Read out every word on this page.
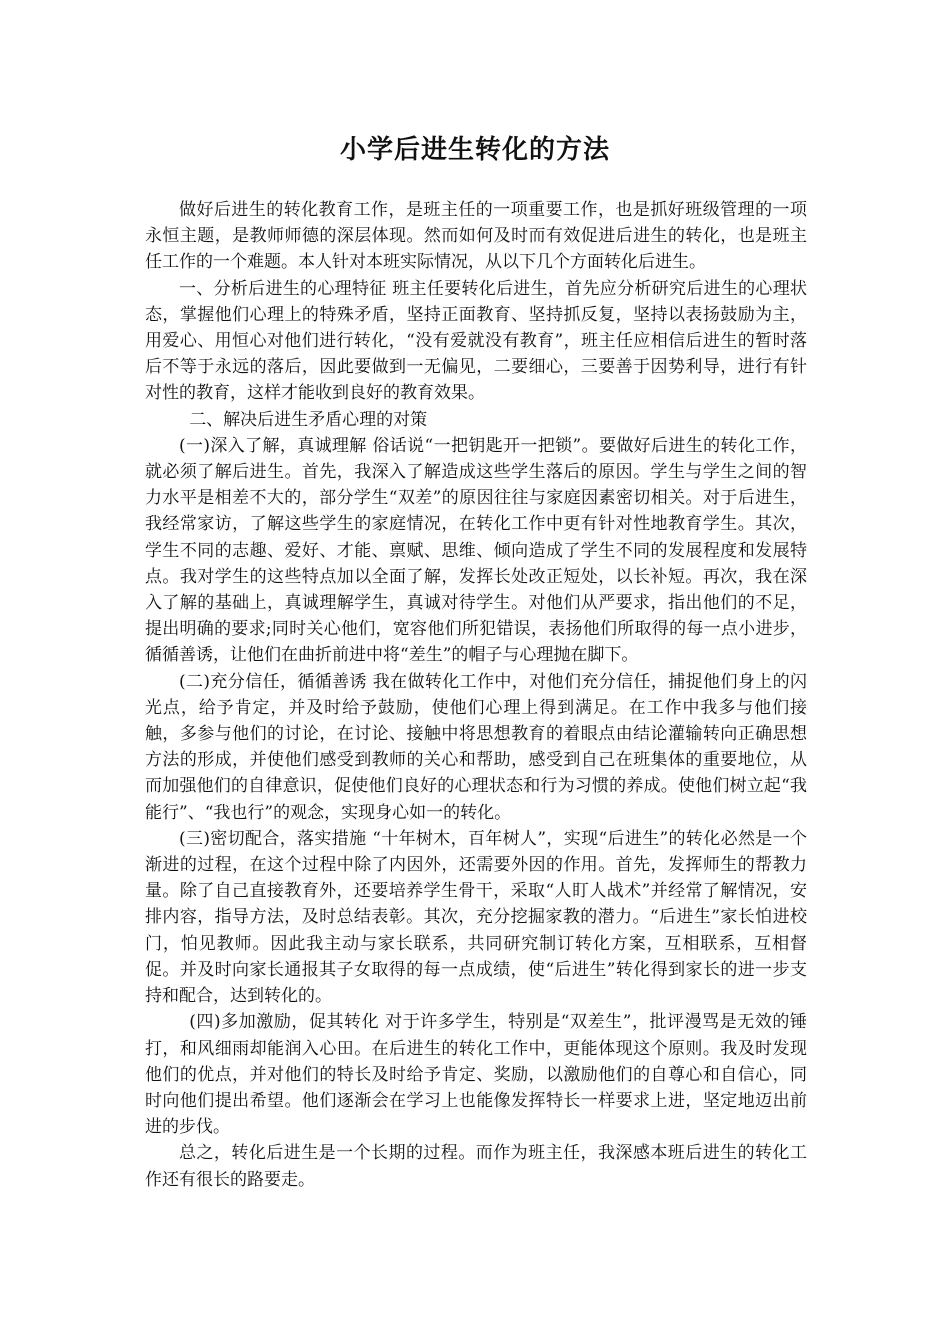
小学后进生转化的方法

做好后进生的转化教育工作，是班主任的一项重要工作，也是抓好班级管理的一项永恒主题，是教师师德的深层体现。然而如何及时而有效促进后进生的转化，也是班主任工作的一个难题。本人针对本班实际情况，从以下几个方面转化后进生。

一、分析后进生的心理特征 班主任要转化后进生，首先应分析研究后进生的心理状态，掌握他们心理上的特殊矛盾，坚持正面教育、坚持抓反复，坚持以表扬鼓励为主，用爱心、用恒心对他们进行转化，“没有爱就没有教育”，班主任应相信后进生的暂时落后不等于永远的落后，因此要做到一无偏见，二要细心，三要善于因势利导，进行有针对性的教育，这样才能收到良好的教育效果。

二、解决后进生矛盾心理的对策

(一)深入了解，真诚理解 俗话说“一把钥匙开一把锁”。要做好后进生的转化工作，就必须了解后进生。首先，我深入了解造成这些学生落后的原因。学生与学生之间的智力水平是相差不大的，部分学生“双差”的原因往往与家庭因素密切相关。对于后进生，我经常家访，了解这些学生的家庭情况，在转化工作中更有针对性地教育学生。其次，学生不同的志趣、爱好、才能、禀赋、思维、倾向造成了学生不同的发展程度和发展特点。我对学生的这些特点加以全面了解，发挥长处改正短处，以长补短。再次，我在深入了解的基础上，真诚理解学生，真诚对待学生。对他们从严要求，指出他们的不足，提出明确的要求;同时关心他们，宽容他们所犯错误，表扬他们所取得的每一点小进步，循循善诱，让他们在曲折前进中将“差生”的帽子与心理抛在脚下。

(二)充分信任，循循善诱 我在做转化工作中，对他们充分信任，捕捉他们身上的闪光点，给予肯定，并及时给予鼓励，使他们心理上得到满足。在工作中我多与他们接触，多参与他们的讨论，在讨论、接触中将思想教育的着眼点由结论灌输转向正确思想方法的形成，并使他们感受到教师的关心和帮助，感受到自己在班集体的重要地位，从而加强他们的自律意识，促使他们良好的心理状态和行为习惯的养成。使他们树立起“我能行”、“我也行”的观念，实现身心如一的转化。

(三)密切配合，落实措施 “十年树木，百年树人”，实现“后进生”的转化必然是一个渐进的过程，在这个过程中除了内因外，还需要外因的作用。首先，发挥师生的帮教力量。除了自己直接教育外，还要培养学生骨干，采取“人盯人战术”并经常了解情况，安排内容，指导方法，及时总结表彰。其次，充分挖掘家教的潜力。“后进生”家长怕进校门，怕见教师。因此我主动与家长联系，共同研究制订转化方案，互相联系，互相督促。并及时向家长通报其子女取得的每一点成绩，使“后进生”转化得到家长的进一步支持和配合，达到转化的。

(四)多加激励，促其转化 对于许多学生，特别是“双差生”，批评漫骂是无效的锤打，和风细雨却能润入心田。在后进生的转化工作中，更能体现这个原则。我及时发现他们的优点，并对他们的特长及时给予肯定、奖励，以激励他们的自尊心和自信心，同时向他们提出希望。他们逐渐会在学习上也能像发挥特长一样要求上进，坚定地迈出前进的步伐。

总之，转化后进生是一个长期的过程。而作为班主任，我深感本班后进生的转化工作还有很长的路要走。
